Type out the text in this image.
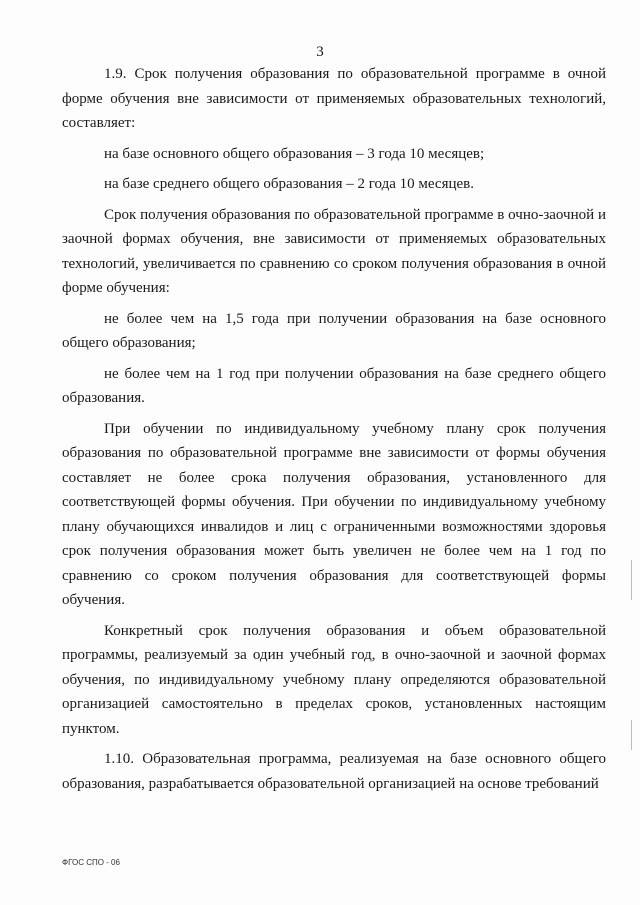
3

1.9. Срок получения образования по образовательной программе в очной форме обучения вне зависимости от применяемых образовательных технологий, составляет:

на базе основного общего образования – 3 года 10 месяцев;

на базе среднего общего образования – 2 года 10 месяцев.

Срок получения образования по образовательной программе в очно-заочной и заочной формах обучения, вне зависимости от применяемых образовательных технологий, увеличивается по сравнению со сроком получения образования в очной форме обучения:

не более чем на 1,5 года при получении образования на базе основного общего образования;

не более чем на 1 год при получении образования на базе среднего общего образования.

При обучении по индивидуальному учебному плану срок получения образования по образовательной программе вне зависимости от формы обучения составляет не более срока получения образования, установленного для соответствующей формы обучения. При обучении по индивидуальному учебному плану обучающихся инвалидов и лиц с ограниченными возможностями здоровья срок получения образования может быть увеличен не более чем на 1 год по сравнению со сроком получения образования для соответствующей формы обучения.

Конкретный срок получения образования и объем образовательной программы, реализуемый за один учебный год, в очно-заочной и заочной формах обучения, по индивидуальному учебному плану определяются образовательной организацией самостоятельно в пределах сроков, установленных настоящим пунктом.

1.10. Образовательная программа, реализуемая на базе основного общего образования, разрабатывается образовательной организацией на основе требований

ФГОС СПО - 06
